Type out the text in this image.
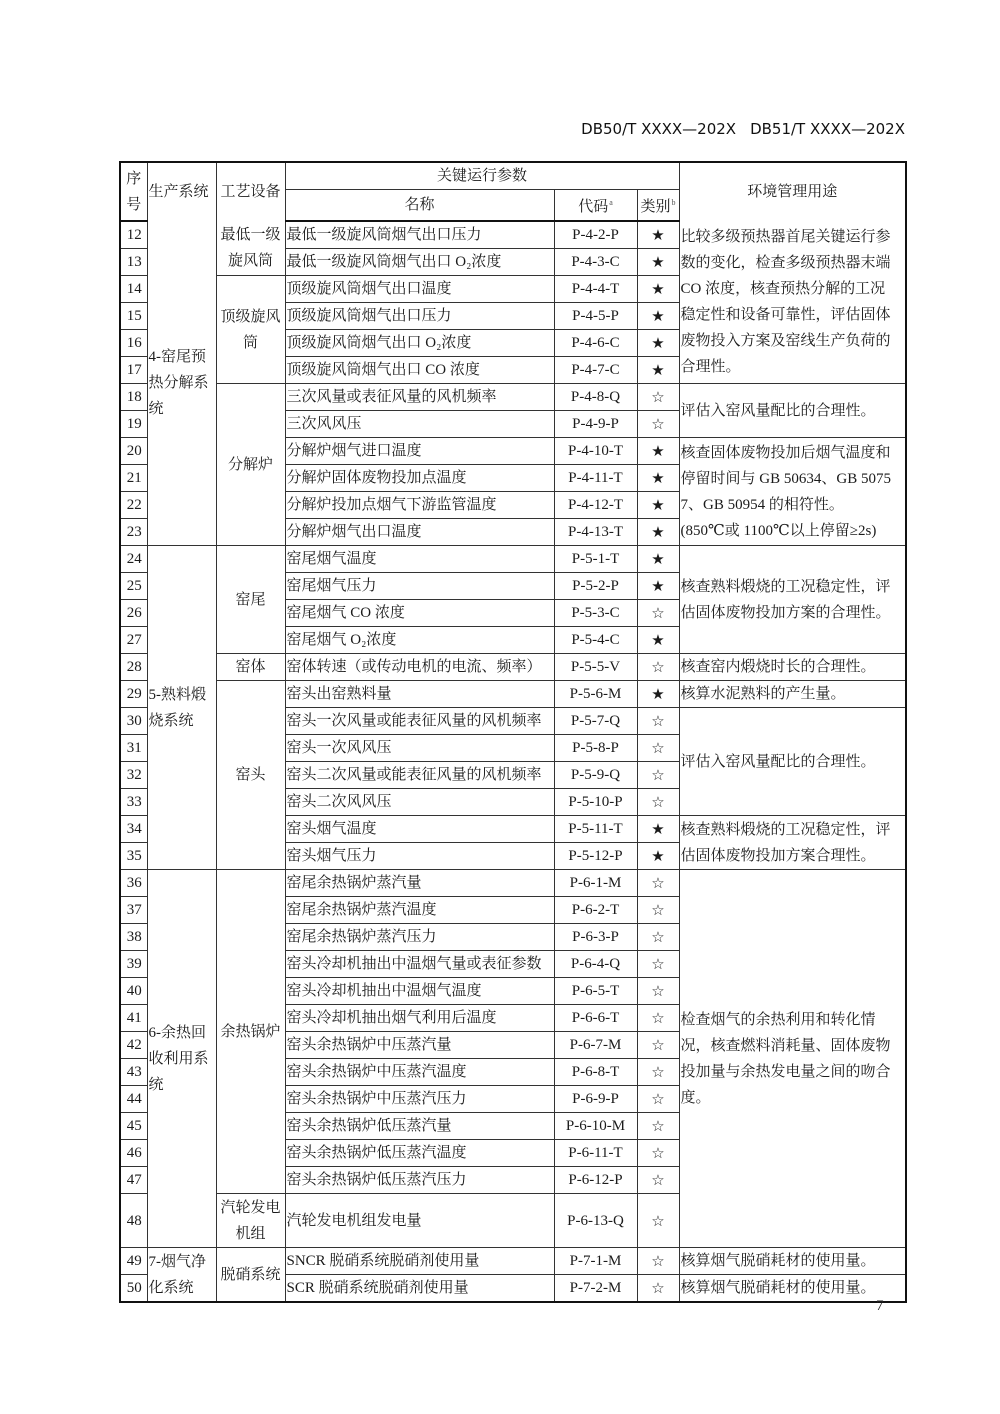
DB50/T XXXX—202X DB51/T XXXX—202X
序号	生产系统	工艺设备	关键运行参数			环境管理用途
			名称	代码$^a$	类别$^b$
12	4-窑尾预热分解系统	最低一级旋风筒	最低一级旋风筒烟气出口压力	P-4-2-P	★	比较多级预热器首尾关键运行参数的变化，检查多级预热器末端CO 浓度，核查预热分解的工况稳定性和设备可靠性，评估固体废物投入方案及窑线生产负荷的合理性。
13			最低一级旋风筒烟气出口 O₂浓度	P-4-3-C	★	
14		顶级旋风筒	顶级旋风筒烟气出口温度	P-4-4-T	★	
15			顶级旋风筒烟气出口压力	P-4-5-P	★	
16			顶级旋风筒烟气出口 O₂浓度	P-4-6-C	★	
17			顶级旋风筒烟气出口 CO 浓度	P-4-7-C	★	
18		分解炉	三次风量或表征风量的风机频率	P-4-8-Q	☆	评估入窑风量配比的合理性。
19			三次风风压	P-4-9-P	☆	
20			分解炉烟气进口温度	P-4-10-T	★	核查固体废物投加后烟气温度和停留时间与 GB 50634、GB 50757、GB 50954 的相符性。
(850℃或 1100℃以上停留≥2s)

21			分解炉固体废物投加点温度	P-4-11-T	★	
22			分解炉投加点烟气下游监管温度	P-4-12-T	★	
23			分解炉烟气出口温度	P-4-13-T	★	
24	5-熟料煅烧系统	窑尾	窑尾烟气温度	P-5-1-T	★	核查熟料煅烧的工况稳定性，评估固体废物投加方案的合理性。
25			窑尾烟气压力	P-5-2-P	★	
26			窑尾烟气 CO 浓度	P-5-3-C	☆	
27			窑尾烟气 O₂浓度	P-5-4-C	★	
28		窑体	窑体转速（或传动电机的电流、频率）	P-5-5-V	☆	核查窑内煅烧时长的合理性。
29		窑头	窑头出窑熟料量	P-5-6-M	★	核算水泥熟料的产生量。
30			窑头一次风量或能表征风量的风机频率	P-5-7-Q	☆	评估入窑风量配比的合理性。
31			窑头一次风风压	P-5-8-P	☆	
32			窑头二次风量或能表征风量的风机频率	P-5-9-Q	☆	
33			窑头二次风风压	P-5-10-P	☆	
34			窑头烟气温度	P-5-11-T	★	核查熟料煅烧的工况稳定性，评估固体废物投加方案合理性。
35			窑头烟气压力	P-5-12-P	★	
36	6-余热回收利用系统	余热锅炉	窑尾余热锅炉蒸汽量	P-6-1-M	☆	检查烟气的余热利用和转化情况，核查燃料消耗量、固体废物投加量与余热发电量之间的吻合度。
37			窑尾余热锅炉蒸汽温度	P-6-2-T	☆	
38			窑尾余热锅炉蒸汽压力	P-6-3-P	☆	
39			窑头冷却机抽出中温烟气量或表征参数	P-6-4-Q	☆	
40			窑头冷却机抽出中温烟气温度	P-6-5-T	☆	
41			窑头冷却机抽出烟气利用后温度	P-6-6-T	☆	
42			窑头余热锅炉中压蒸汽量	P-6-7-M	☆	
43			窑头余热锅炉中压蒸汽温度	P-6-8-T	☆	
44			窑头余热锅炉中压蒸汽压力	P-6-9-P	☆	
45			窑头余热锅炉低压蒸汽量	P-6-10-M	☆	
46			窑头余热锅炉低压蒸汽温度	P-6-11-T	☆	
47			窑头余热锅炉低压蒸汽压力	P-6-12-P	☆	
48		汽轮发电机组	汽轮发电机组发电量	P-6-13-Q	☆	
49	7-烟气净化系统	脱硝系统	SNCR 脱硝系统脱硝剂使用量	P-7-1-M	☆	核算烟气脱硝耗材的使用量。
50			SCR 脱硝系统脱硝剂使用量	P-7-2-M	☆	核算烟气脱硝耗材的使用量。
7
